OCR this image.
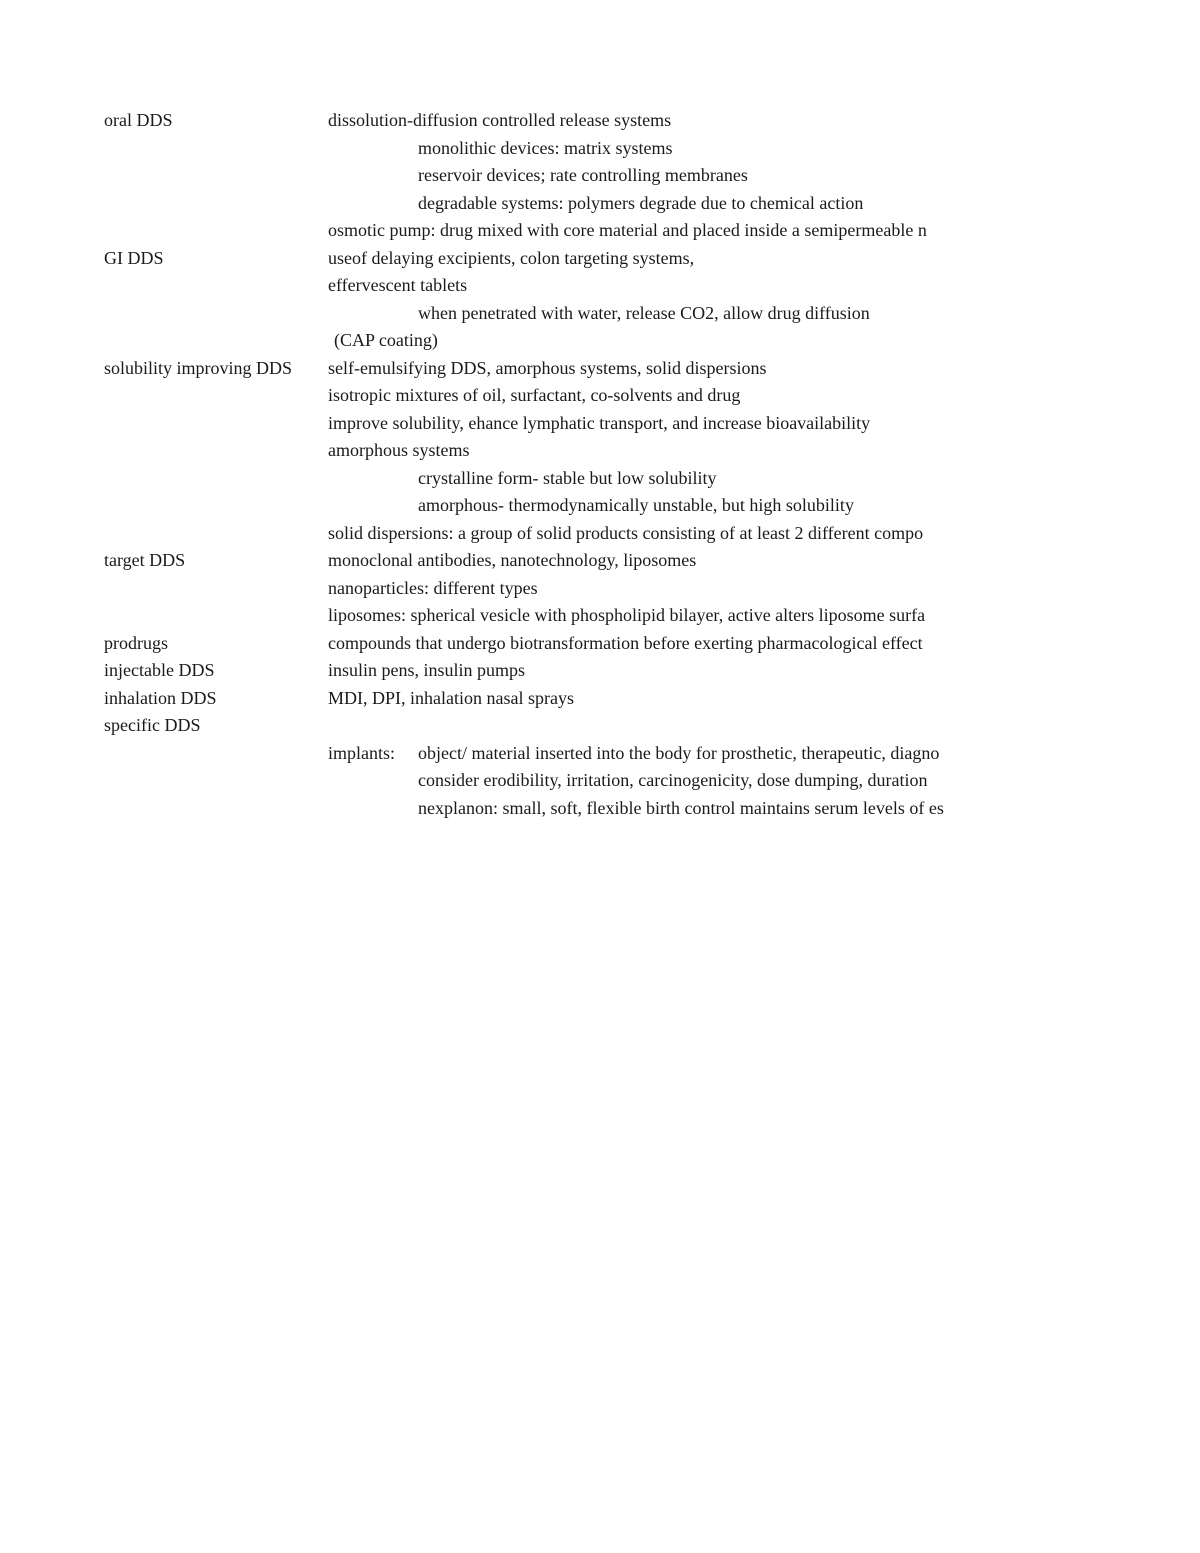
oral DDS	dissolution-diffusion controlled release systems
monolithic devices: matrix systems
reservoir devices; rate controlling membranes
degradable systems: polymers degrade due to chemical action
osmotic pump: drug mixed with core material and placed inside a semipermeable n
GI DDS	useof delaying excipients, colon targeting systems,
effervescent tablets
when penetrated with water, release CO2, allow drug diffusion
(CAP coating)
solubility improving DDS	self-emulsifying DDS, amorphous systems, solid dispersions
isotropic mixtures of oil, surfactant, co-solvents and drug
improve solubility, ehance lymphatic transport, and increase bioavailability
amorphous systems
crystalline form- stable but low solubility
amorphous- thermodynamically unstable, but high solubility
solid dispersions: a group of solid products consisting of at least 2 different compo
target DDS	monoclonal antibodies, nanotechnology, liposomes
nanoparticles: different types
liposomes: spherical vesicle with phospholipid bilayer, active alters liposome surfa
prodrugs	compounds that undergo biotransformation before exerting pharmacological effect
injectable DDS	insulin pens, insulin pumps
inhalation DDS	MDI, DPI, inhalation nasal sprays
specific DDS
implants: object/ material inserted into the body for prosthetic, therapeutic, diagno
consider erodibility, irritation, carcinogenicity, dose dumping, duration
nexplanon: small, soft, flexible birth control maintains serum levels of es
